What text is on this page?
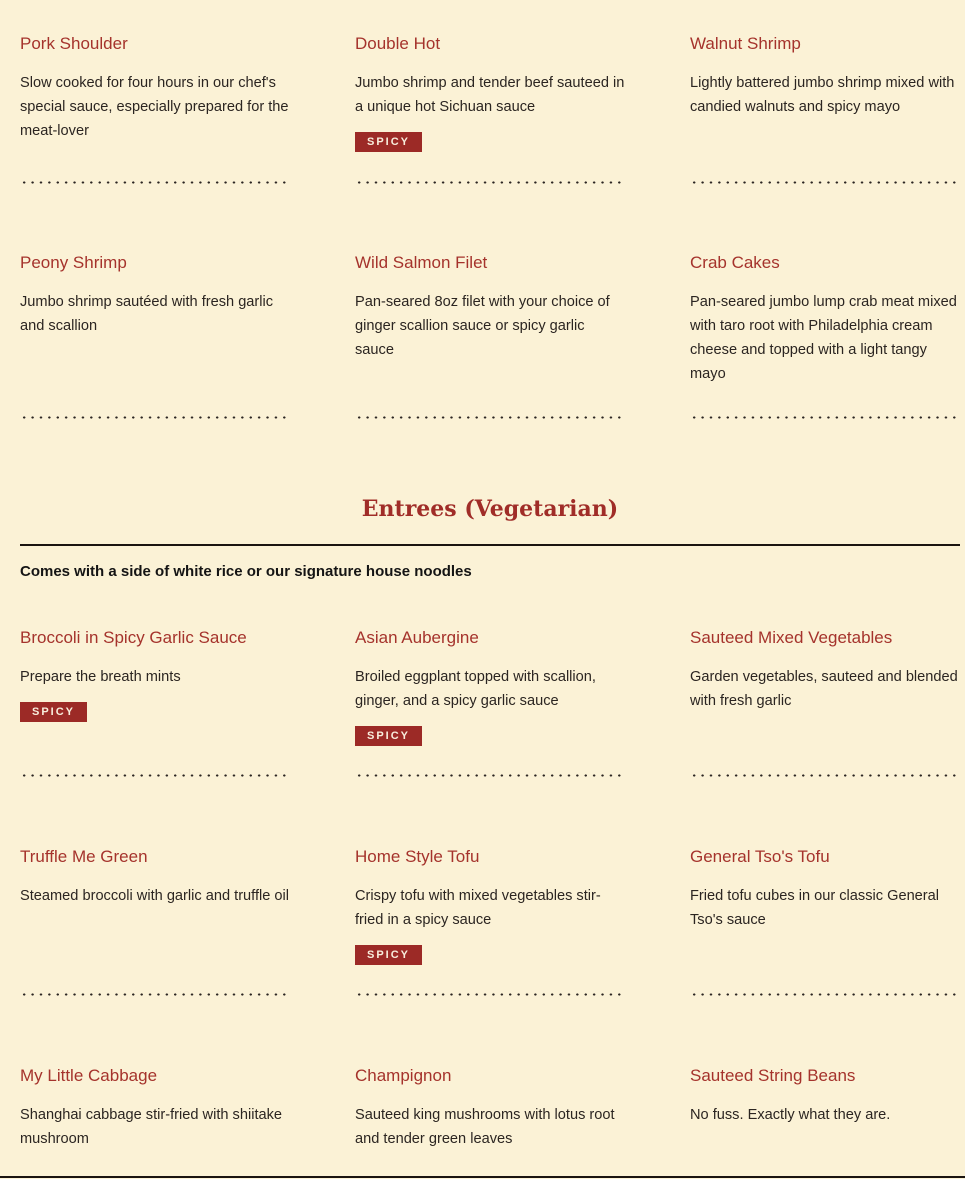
Pork Shoulder
Slow cooked for four hours in our chef's special sauce, especially prepared for the meat-lover
Double Hot
Jumbo shrimp and tender beef sauteed in a unique hot Sichuan sauce
SPICY
Walnut Shrimp
Lightly battered jumbo shrimp mixed with candied walnuts and spicy mayo
Peony Shrimp
Jumbo shrimp sautéed with fresh garlic and scallion
Wild Salmon Filet
Pan-seared 8oz filet with your choice of ginger scallion sauce or spicy garlic sauce
Crab Cakes
Pan-seared jumbo lump crab meat mixed with taro root with Philadelphia cream cheese and topped with a light tangy mayo
Entrees (Vegetarian)
Comes with a side of white rice or our signature house noodles
Broccoli in Spicy Garlic Sauce
Prepare the breath mints
SPICY
Asian Aubergine
Broiled eggplant topped with scallion, ginger, and a spicy garlic sauce
SPICY
Sauteed Mixed Vegetables
Garden vegetables, sauteed and blended with fresh garlic
Truffle Me Green
Steamed broccoli with garlic and truffle oil
Home Style Tofu
Crispy tofu with mixed vegetables stir-fried in a spicy sauce
SPICY
General Tso's Tofu
Fried tofu cubes in our classic General Tso's sauce
My Little Cabbage
Shanghai cabbage stir-fried with shiitake mushroom
Champignon
Sauteed king mushrooms with lotus root and tender green leaves
Sauteed String Beans
No fuss. Exactly what they are.
